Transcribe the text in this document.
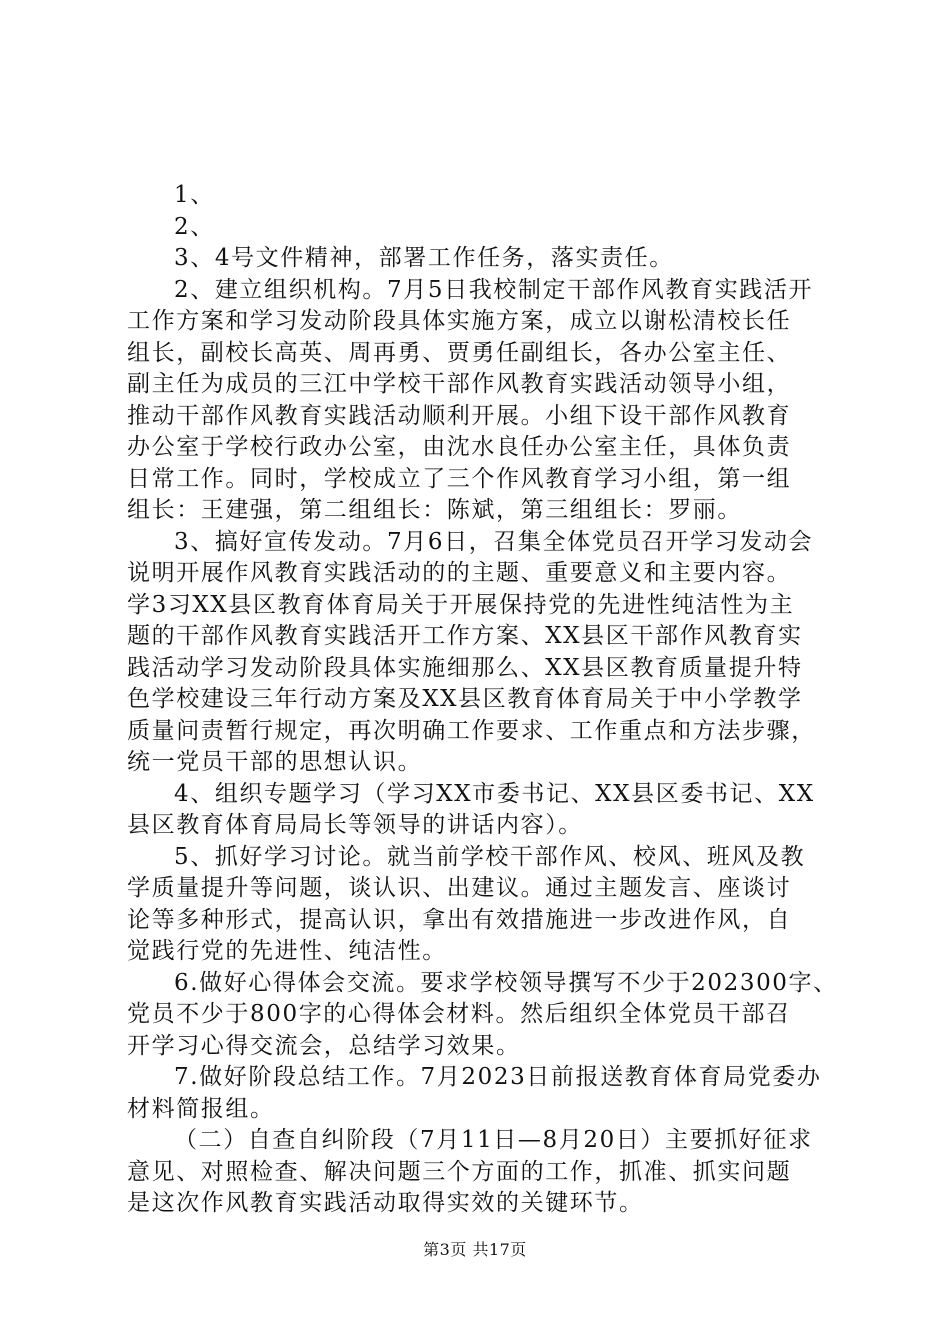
1、
2、
3、4号文件精神，部署工作任务，落实责任。
2、建立组织机构。7月5日我校制定干部作风教育实践活开
工作方案和学习发动阶段具体实施方案，成立以谢松清校长任
组长，副校长高英、周再勇、贾勇任副组长，各办公室主任、
副主任为成员的三江中学校干部作风教育实践活动领导小组，
推动干部作风教育实践活动顺利开展。小组下设干部作风教育
办公室于学校行政办公室，由沈水良任办公室主任，具体负责
日常工作。同时，学校成立了三个作风教育学习小组，第一组
组长：王建强，第二组组长：陈斌，第三组组长：罗丽。
3、搞好宣传发动。7月6日，召集全体党员召开学习发动会
说明开展作风教育实践活动的的主题、重要意义和主要内容。
学3习XX县区教育体育局关于开展保持党的先进性纯洁性为主
题的干部作风教育实践活开工作方案、XX县区干部作风教育实
践活动学习发动阶段具体实施细那么、XX县区教育质量提升特
色学校建设三年行动方案及XX县区教育体育局关于中小学教学
质量问责暂行规定，再次明确工作要求、工作重点和方法步骤，
统一党员干部的思想认识。
4、组织专题学习（学习XX市委书记、XX县区委书记、XX
县区教育体育局局长等领导的讲话内容）。
5、抓好学习讨论。就当前学校干部作风、校风、班风及教
学质量提升等问题，谈认识、出建议。通过主题发言、座谈讨
论等多种形式，提高认识，拿出有效措施进一步改进作风，自
觉践行党的先进性、纯洁性。
6.做好心得体会交流。要求学校领导撰写不少于202300字、
党员不少于800字的心得体会材料。然后组织全体党员干部召
开学习心得交流会，总结学习效果。
7.做好阶段总结工作。7月2023日前报送教育体育局党委办
材料简报组。
（二）自查自纠阶段（7月11日—8月20日）主要抓好征求
意见、对照检查、解决问题三个方面的工作，抓准、抓实问题
是这次作风教育实践活动取得实效的关键环节。
第3页 共17页
